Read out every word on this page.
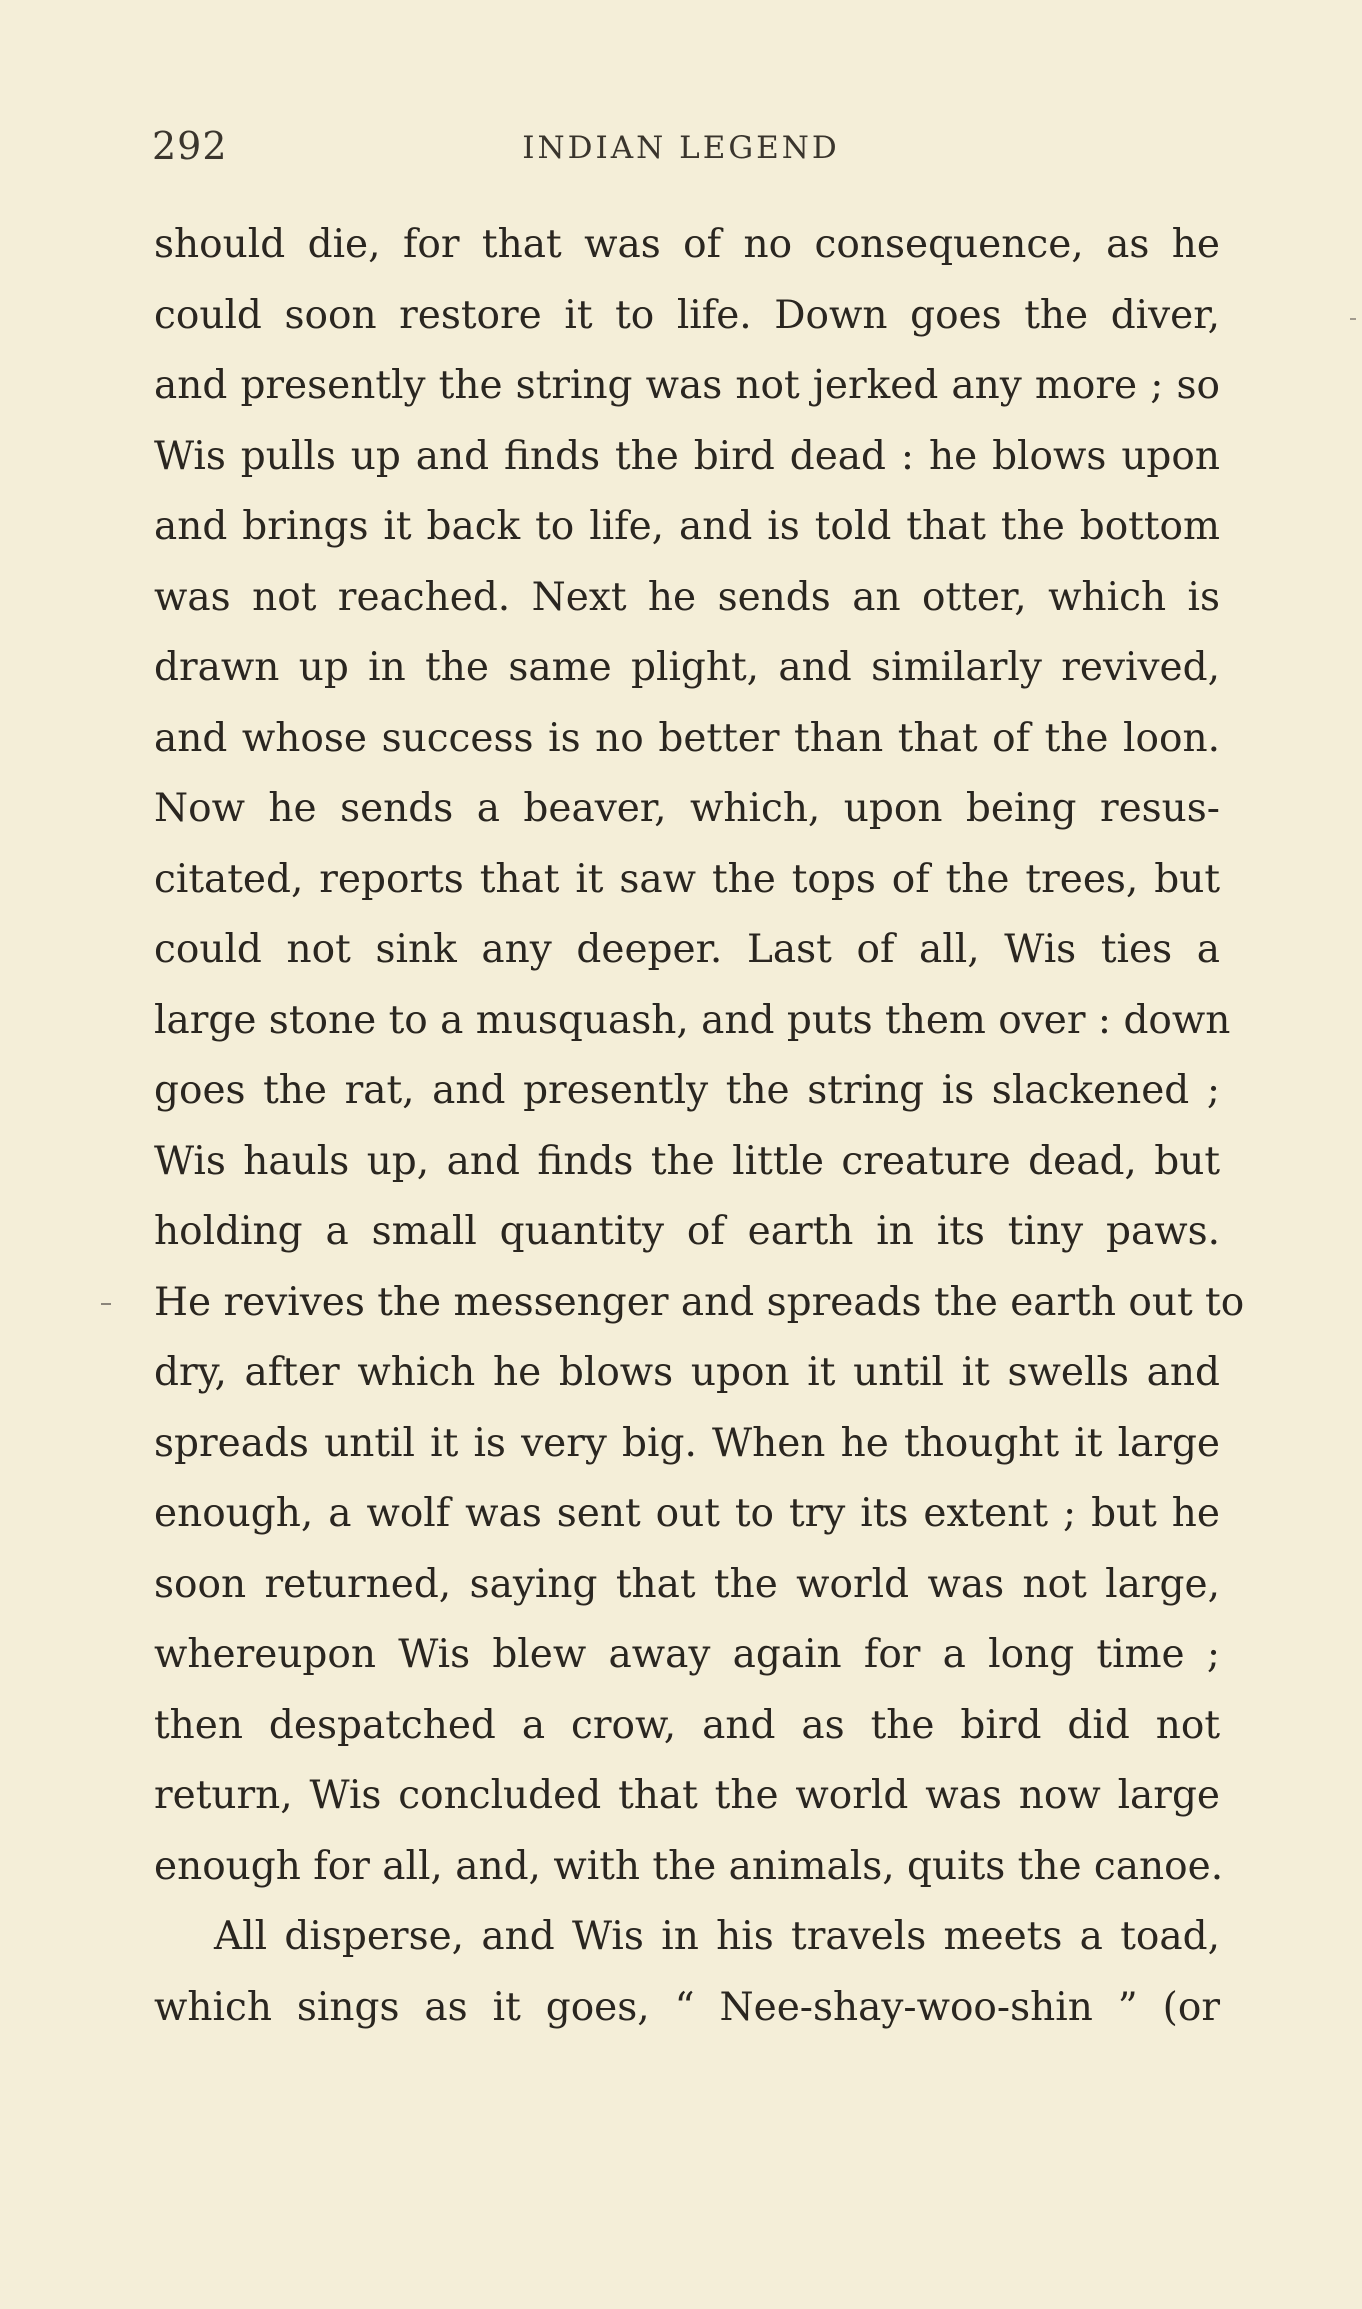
292	INDIAN LEGEND
should die, for that was of no consequence, as he
could soon restore it to life. Down goes the diver,
and presently the string was not jerked any more ; so
Wis pulls up and finds the bird dead : he blows upon
and brings it back to life, and is told that the bottom
was not reached. Next he sends an otter, which is
drawn up in the same plight, and similarly revived,
and whose success is no better than that of the loon.
Now he sends a beaver, which, upon being resus-
citated, reports that it saw the tops of the trees, but
could not sink any deeper. Last of all, Wis ties a
large stone to a musquash, and puts them over : down
goes the rat, and presently the string is slackened ;
Wis hauls up, and finds the little creature dead, but
holding a small quantity of earth in its tiny paws.
He revives the messenger and spreads the earth out to
dry, after which he blows upon it until it swells and
spreads until it is very big. When he thought it large
enough, a wolf was sent out to try its extent ; but he
soon returned, saying that the world was not large,
whereupon Wis blew away again for a long time ;
then despatched a crow, and as the bird did not
return, Wis concluded that the world was now large
enough for all, and, with the animals, quits the canoe.
All disperse, and Wis in his travels meets a toad,
which sings as it goes, “ Nee-shay-woo-shin ” (or
